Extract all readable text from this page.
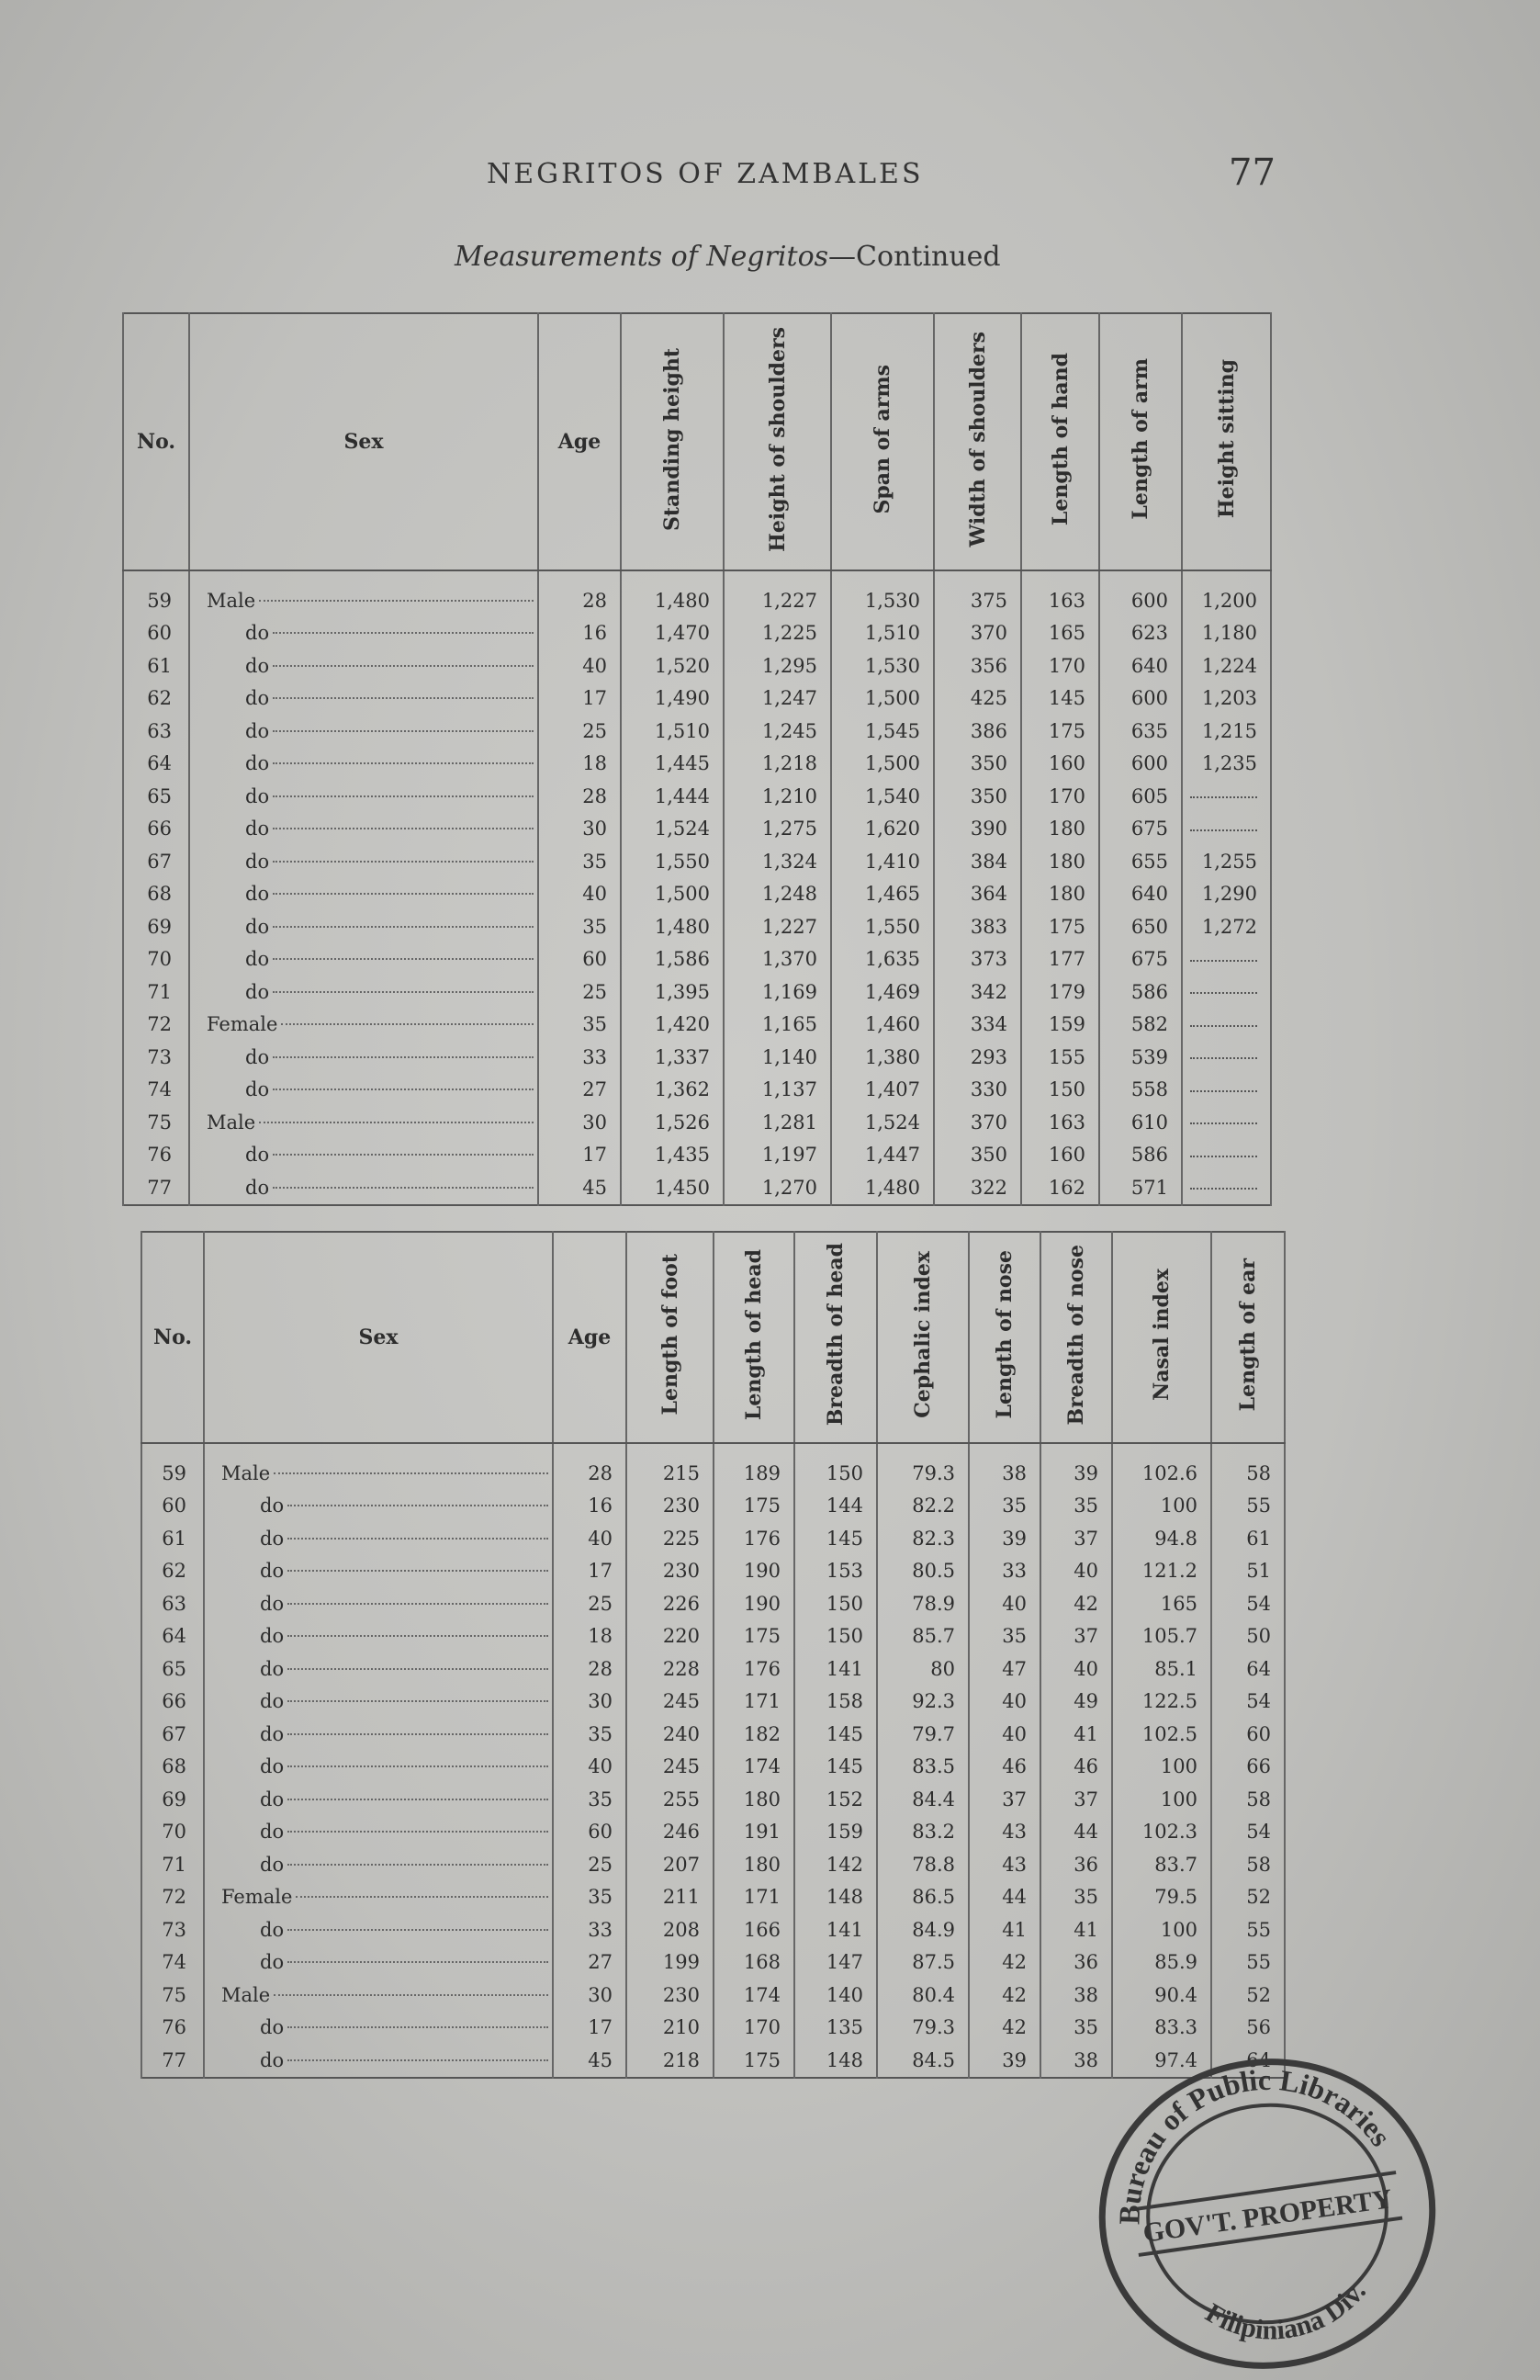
NEGRITOS OF ZAMBALES	77
Measurements of Negritos—Continued
No.	Sex	Age	Standing height	Height of shoulders	Span of arms	Width of shoulders	Length of hand	Length of arm	Height sitting
59	Male	28	1,480	1,227	1,530	375	163	600	1,200
60	do	16	1,470	1,225	1,510	370	165	623	1,180
61	do	40	1,520	1,295	1,530	356	170	640	1,224
62	do	17	1,490	1,247	1,500	425	145	600	1,203
63	do	25	1,510	1,245	1,545	386	175	635	1,215
64	do	18	1,445	1,218	1,500	350	160	600	1,235
65	do	28	1,444	1,210	1,540	350	170	605	
66	do	30	1,524	1,275	1,620	390	180	675	
67	do	35	1,550	1,324	1,410	384	180	655	1,255
68	do	40	1,500	1,248	1,465	364	180	640	1,290
69	do	35	1,480	1,227	1,550	383	175	650	1,272
70	do	60	1,586	1,370	1,635	373	177	675	
71	do	25	1,395	1,169	1,469	342	179	586	
72	Female	35	1,420	1,165	1,460	334	159	582	
73	do	33	1,337	1,140	1,380	293	155	539	
74	do	27	1,362	1,137	1,407	330	150	558	
75	Male	30	1,526	1,281	1,524	370	163	610	
76	do	17	1,435	1,197	1,447	350	160	586	
77	do	45	1,450	1,270	1,480	322	162	571	
No.	Sex	Age	Length of foot	Length of head	Breadth of head	Cephalic index	Length of nose	Breadth of nose	Nasal index	Length of ear
59	Male	28	215	189	150	79.3	38	39	102.6	58
60	do	16	230	175	144	82.2	35	35	100	55
61	do	40	225	176	145	82.3	39	37	94.8	61
62	do	17	230	190	153	80.5	33	40	121.2	51
63	do	25	226	190	150	78.9	40	42	165	54
64	do	18	220	175	150	85.7	35	37	105.7	50
65	do	28	228	176	141	80	47	40	85.1	64
66	do	30	245	171	158	92.3	40	49	122.5	54
67	do	35	240	182	145	79.7	40	41	102.5	60
68	do	40	245	174	145	83.5	46	46	100	66
69	do	35	255	180	152	84.4	37	37	100	58
70	do	60	246	191	159	83.2	43	44	102.3	54
71	do	25	207	180	142	78.8	43	36	83.7	58
72	Female	35	211	171	148	86.5	44	35	79.5	52
73	do	33	208	166	141	84.9	41	41	100	55
74	do	27	199	168	147	87.5	42	36	85.9	55
75	Male	30	230	174	140	80.4	42	38	90.4	52
76	do	17	210	170	135	79.3	42	35	83.3	56
77	do	45	218	175	148	84.5	39	38	97.4	64
Bureau of Public Libraries
GOV'T. PROPERTY
Filipiniana Div.
